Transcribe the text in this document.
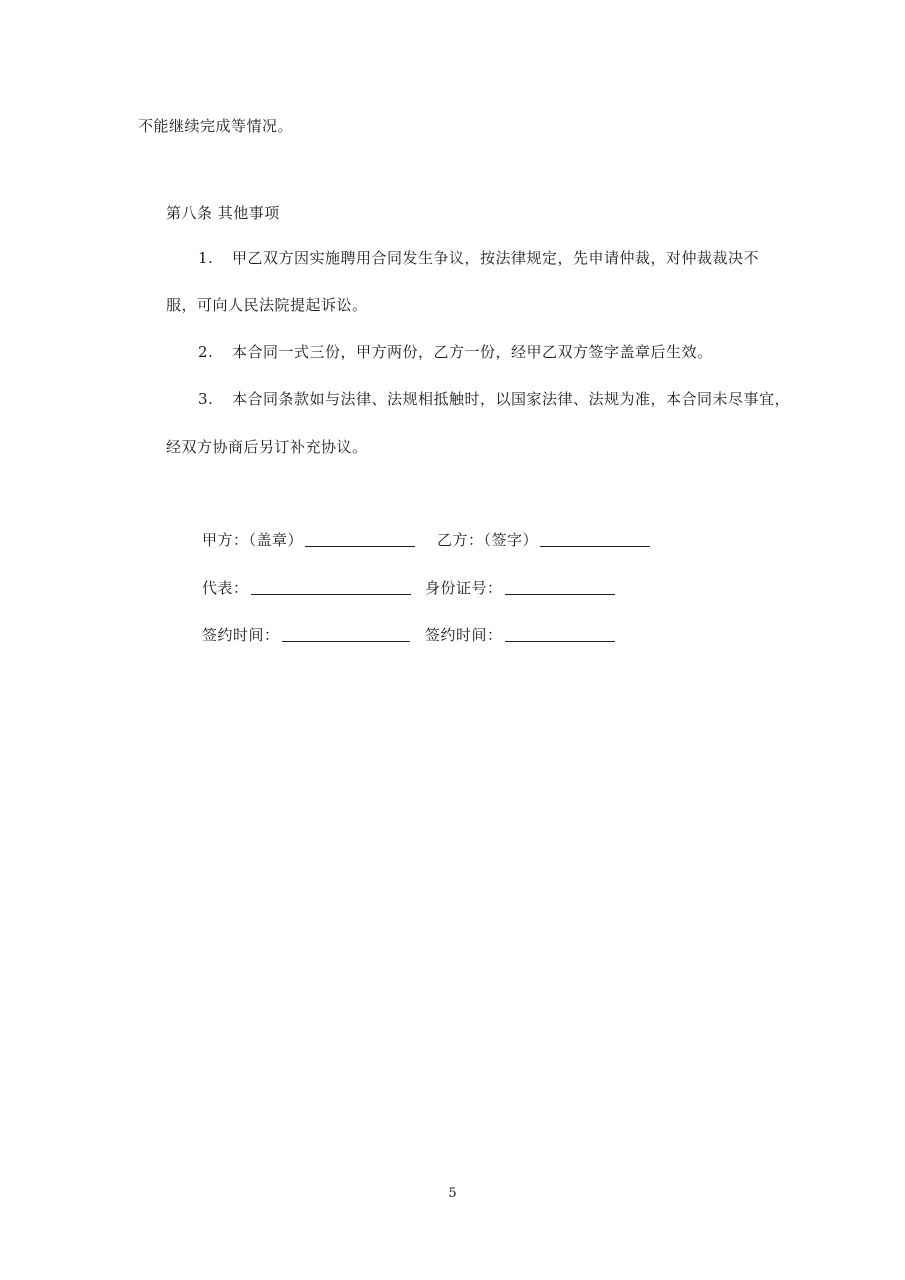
不能继续完成等情况。
第八条 其他事项
1. 甲乙双方因实施聘用合同发生争议，按法律规定，先申请仲裁，对仲裁裁决不
服，可向人民法院提起诉讼。
2. 本合同一式三份，甲方两份，乙方一份，经甲乙双方签字盖章后生效。
3. 本合同条款如与法律、法规相抵触时，以国家法律、法规为准，本合同未尽事宜，
经双方协商后另订补充协议。
甲方：（盖章）	乙方：（签字）
代表：	身份证号：
签约时间：	签约时间：
5
